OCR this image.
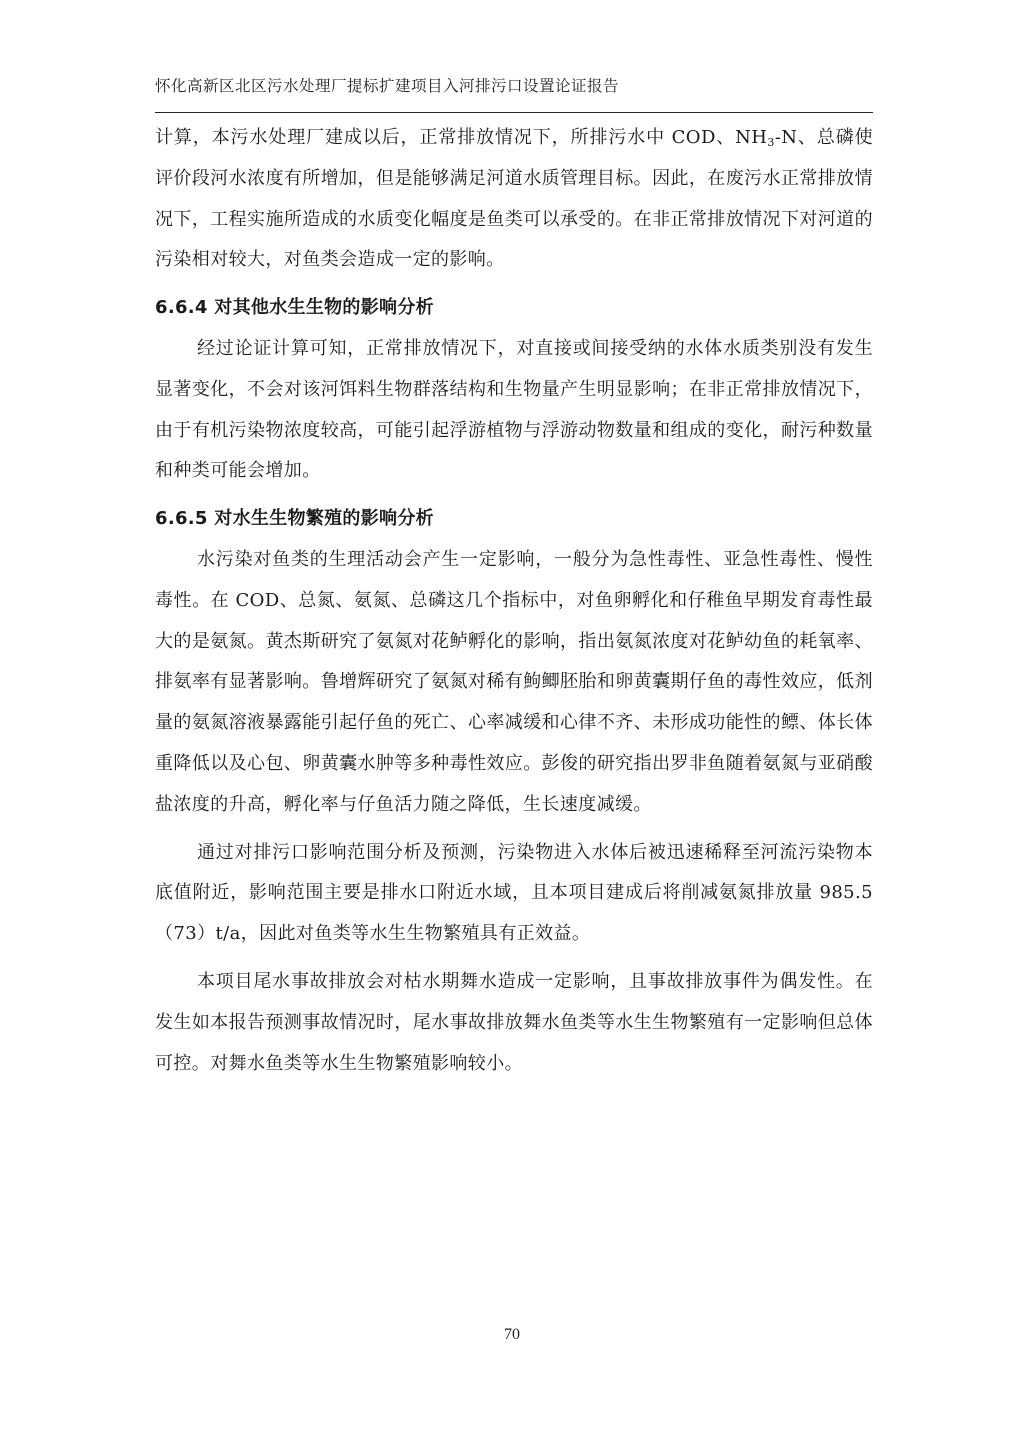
怀化高新区北区污水处理厂提标扩建项目入河排污口设置论证报告

计算，本污水处理厂建成以后，正常排放情况下，所排污水中 COD、$NH_3-N$、总磷使评价段河水浓度有所增加，但是能够满足河道水质管理目标。因此，在废污水正常排放情况下，工程实施所造成的水质变化幅度是鱼类可以承受的。在非正常排放情况下对河道的污染相对较大，对鱼类会造成一定的影响。

6.6.4 对其他水生生物的影响分析

经过论证计算可知，正常排放情况下，对直接或间接受纳的水体水质类别没有发生显著变化，不会对该河饵料生物群落结构和生物量产生明显影响；在非正常排放情况下，由于有机污染物浓度较高，可能引起浮游植物与浮游动物数量和组成的变化，耐污种数量和种类可能会增加。

6.6.5 对水生生物繁殖的影响分析

水污染对鱼类的生理活动会产生一定影响，一般分为急性毒性、亚急性毒性、慢性毒性。在 COD、总氮、氨氮、总磷这几个指标中，对鱼卵孵化和仔稚鱼早期发育毒性最大的是氨氮。黄杰斯研究了氨氮对花鲈孵化的影响，指出氨氮浓度对花鲈幼鱼的耗氧率、排氨率有显著影响。鲁增辉研究了氨氮对稀有鮈鲫胚胎和卵黄囊期仔鱼的毒性效应，低剂量的氨氮溶液暴露能引起仔鱼的死亡、心率减缓和心律不齐、未形成功能性的鳔、体长体重降低以及心包、卵黄囊水肿等多种毒性效应。彭俊的研究指出罗非鱼随着氨氮与亚硝酸盐浓度的升高，孵化率与仔鱼活力随之降低，生长速度减缓。

通过对排污口影响范围分析及预测，污染物进入水体后被迅速稀释至河流污染物本底值附近，影响范围主要是排水口附近水域，且本项目建成后将削减氨氮排放量 985.5（73）t/a，因此对鱼类等水生生物繁殖具有正效益。

本项目尾水事故排放会对枯水期舞水造成一定影响，且事故排放事件为偶发性。在发生如本报告预测事故情况时，尾水事故排放舞水鱼类等水生生物繁殖有一定影响但总体可控。对舞水鱼类等水生生物繁殖影响较小。

70
